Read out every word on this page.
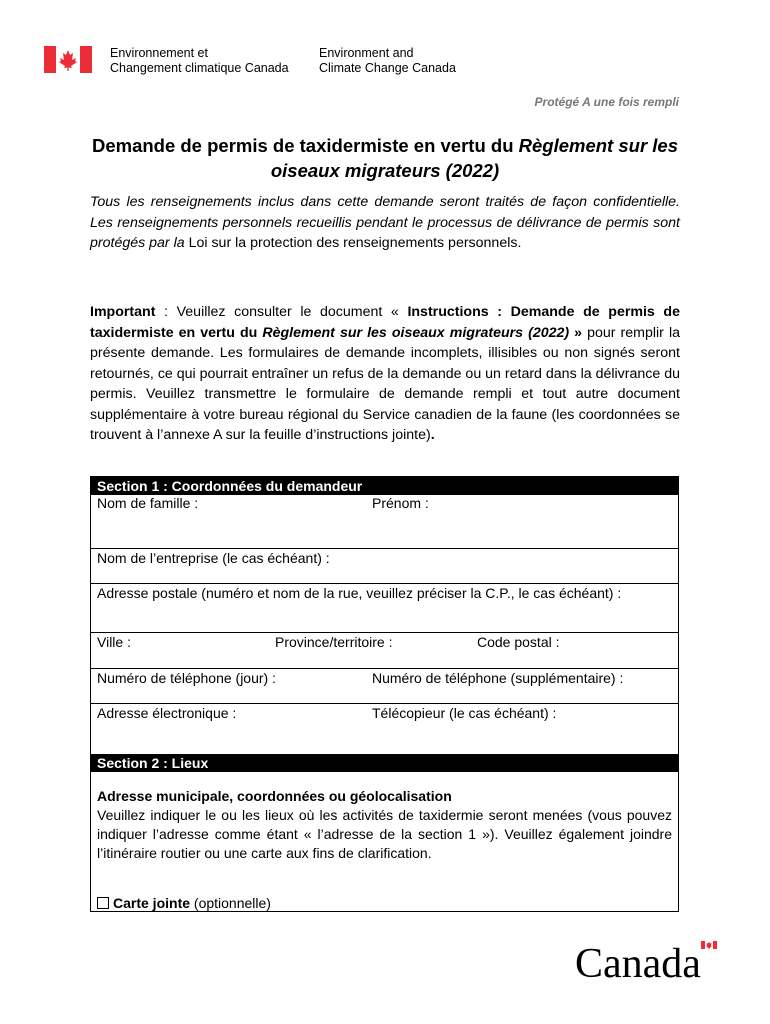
Environnement et
Changement climatique Canada
Environment and
Climate Change Canada
Protégé A une fois rempli
Demande de permis de taxidermiste en vertu du Règlement sur les oiseaux migrateurs (2022)
Tous les renseignements inclus dans cette demande seront traités de façon confidentielle. Les renseignements personnels recueillis pendant le processus de délivrance de permis sont protégés par la Loi sur la protection des renseignements personnels.
Important : Veuillez consulter le document « Instructions : Demande de permis de taxidermiste en vertu du Règlement sur les oiseaux migrateurs (2022) » pour remplir la présente demande. Les formulaires de demande incomplets, illisibles ou non signés seront retournés, ce qui pourrait entraîner un refus de la demande ou un retard dans la délivrance du permis. Veuillez transmettre le formulaire de demande rempli et tout autre document supplémentaire à votre bureau régional du Service canadien de la faune (les coordonnées se trouvent à l’annexe A sur la feuille d’instructions jointe).
Section 1 : Coordonnées du demandeur
Nom de famille :	Prénom :
Nom de l’entreprise (le cas échéant) :
Adresse postale (numéro et nom de la rue, veuillez préciser la C.P., le cas échéant) :
Ville :	Province/territoire :	Code postal :
Numéro de téléphone (jour) :	Numéro de téléphone (supplémentaire) :
Adresse électronique :	Télécopieur (le cas échéant) :
Section 2 : Lieux
Adresse municipale, coordonnées ou géolocalisation
Veuillez indiquer le ou les lieux où les activités de taxidermie seront menées (vous pouvez indiquer l’adresse comme étant « l’adresse de la section 1 »). Veuillez également joindre l’itinéraire routier ou une carte aux fins de clarification.
Carte jointe (optionnelle)
Canada
